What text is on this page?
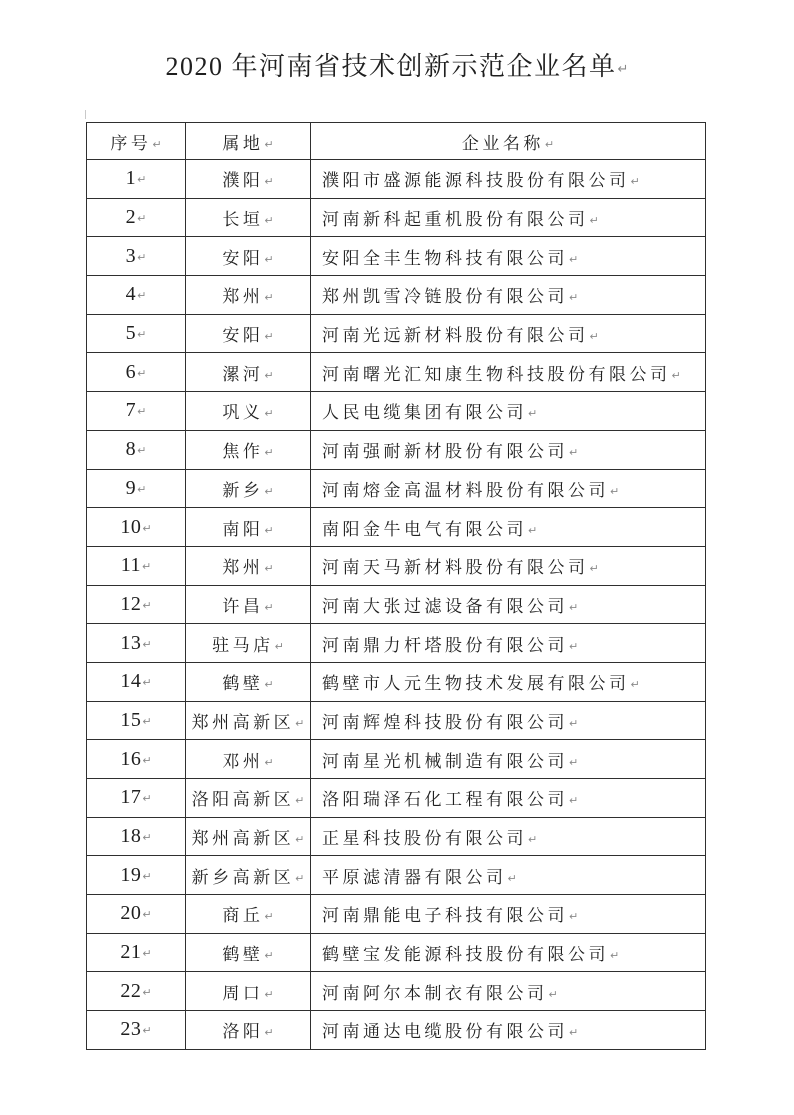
2020 年河南省技术创新示范企业名单↵
序号↵	属地↵	企业名称↵
1↵	濮阳↵	濮阳市盛源能源科技股份有限公司↵
2↵	长垣↵	河南新科起重机股份有限公司↵
3↵	安阳↵	安阳全丰生物科技有限公司↵
4↵	郑州↵	郑州凯雪冷链股份有限公司↵
5↵	安阳↵	河南光远新材料股份有限公司↵
6↵	漯河↵	河南曙光汇知康生物科技股份有限公司↵
7↵	巩义↵	人民电缆集团有限公司↵
8↵	焦作↵	河南强耐新材股份有限公司↵
9↵	新乡↵	河南熔金高温材料股份有限公司↵
10↵	南阳↵	南阳金牛电气有限公司↵
11↵	郑州↵	河南天马新材料股份有限公司↵
12↵	许昌↵	河南大张过滤设备有限公司↵
13↵	驻马店↵	河南鼎力杆塔股份有限公司↵
14↵	鹤壁↵	鹤壁市人元生物技术发展有限公司↵
15↵	郑州高新区↵	河南辉煌科技股份有限公司↵
16↵	邓州↵	河南星光机械制造有限公司↵
17↵	洛阳高新区↵	洛阳瑞泽石化工程有限公司↵
18↵	郑州高新区↵	正星科技股份有限公司↵
19↵	新乡高新区↵	平原滤清器有限公司↵
20↵	商丘↵	河南鼎能电子科技有限公司↵
21↵	鹤壁↵	鹤壁宝发能源科技股份有限公司↵
22↵	周口↵	河南阿尔本制衣有限公司↵
23↵	洛阳↵	河南通达电缆股份有限公司↵
